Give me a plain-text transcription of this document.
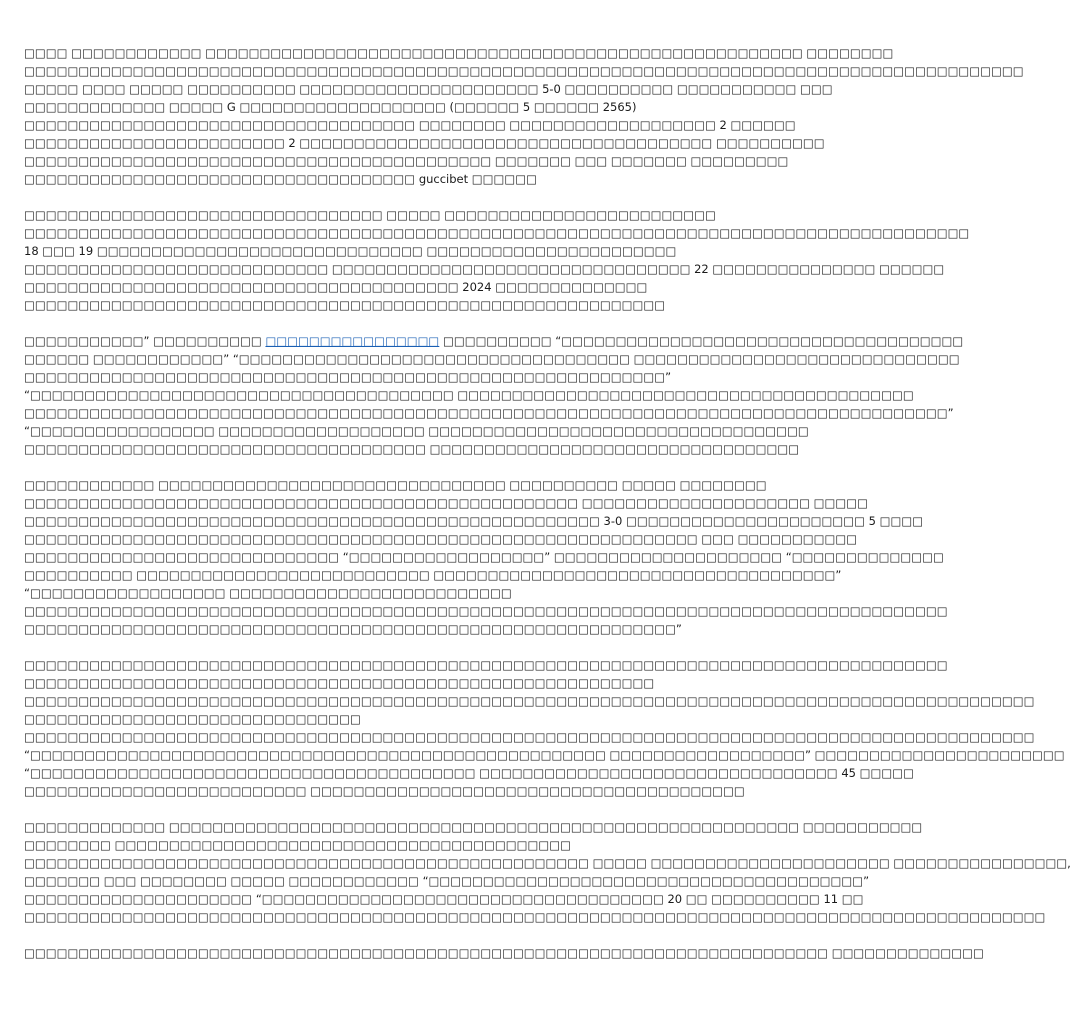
□□□□ □□□□□□□□□□□□ □□□□□□□□□□□□□□□□□□□□□□□□□□□□□□□□□□□□□□□□□□□□□□□□□□□□□□□ □□□□□□□□
□□□□□□□□□□□□□□□□□□□□□□□□□□□□□□□□□□□□□□□□□□□□□□□□□□□□□□□□□□□□□□□□□□□□□□□□□□□□□□□□□□□□□□□□□□□□
□□□□□ □□□□ □□□□□ □□□□□□□□□□ □□□□□□□□□□□□□□□□□□□□□□ 5-0 □□□□□□□□□□ □□□□□□□□□□□ □□□
□□□□□□□□□□□□□ □□□□□ G □□□□□□□□□□□□□□□□□□□ (□□□□□□ 5 □□□□□□ 2565)
□□□□□□□□□□□□□□□□□□□□□□□□□□□□□□□□□□□□ □□□□□□□□ □□□□□□□□□□□□□□□□□□□ 2 □□□□□□
□□□□□□□□□□□□□□□□□□□□□□□□ 2 □□□□□□□□□□□□□□□□□□□□□□□□□□□□□□□□□□□□□□ □□□□□□□□□□
□□□□□□□□□□□□□□□□□□□□□□□□□□□□□□□□□□□□□□□□□□□ □□□□□□□ □□□ □□□□□□□ □□□□□□□□□
□□□□□□□□□□□□□□□□□□□□□□□□□□□□□□□□□□□□ guccibet □□□□□□
□□□□□□□□□□□□□□□□□□□□□□□□□□□□□□□□□ □□□□□ □□□□□□□□□□□□□□□□□□□□□□□□□
□□□□□□□□□□□□□□□□□□□□□□□□□□□□□□□□□□□□□□□□□□□□□□□□□□□□□□□□□□□□□□□□□□□□□□□□□□□□□□□□□□□□□□□
18 □□□ 19 □□□□□□□□□□□□□□□□□□□□□□□□□□□□□□ □□□□□□□□□□□□□□□□□□□□□□□
□□□□□□□□□□□□□□□□□□□□□□□□□□□□ □□□□□□□□□□□□□□□□□□□□□□□□□□□□□□□□□ 22 □□□□□□□□□□□□□□□ □□□□□□
□□□□□□□□□□□□□□□□□□□□□□□□□□□□□□□□□□□□□□□□ 2024 □□□□□□□□□□□□□□
□□□□□□□□□□□□□□□□□□□□□□□□□□□□□□□□□□□□□□□□□□□□□□□□□□□□□□□□□□□
□□□□□□□□□□□” □□□□□□□□□□ □□□□□□□□□□□□□□□□ □□□□□□□□□□ “□□□□□□□□□□□□□□□□□□□□□□□□□□□□□□□□□□□□□
□□□□□□ □□□□□□□□□□□□” “□□□□□□□□□□□□□□□□□□□□□□□□□□□□□□□□□□□□ □□□□□□□□□□□□□□□□□□□□□□□□□□□□□□
□□□□□□□□□□□□□□□□□□□□□□□□□□□□□□□□□□□□□□□□□□□□□□□□□□□□□□□□□□□”
“□□□□□□□□□□□□□□□□□□□□□□□□□□□□□□□□□□□□□□□ □□□□□□□□□□□□□□□□□□□□□□□□□□□□□□□□□□□□□□□□□□
□□□□□□□□□□□□□□□□□□□□□□□□□□□□□□□□□□□□□□□□□□□□□□□□□□□□□□□□□□□□□□□□□□□□□□□□□□□□□□□□□□□□□”
“□□□□□□□□□□□□□□□□□ □□□□□□□□□□□□□□□□□□□ □□□□□□□□□□□□□□□□□□□□□□□□□□□□□□□□□□□
□□□□□□□□□□□□□□□□□□□□□□□□□□□□□□□□□□□□□ □□□□□□□□□□□□□□□□□□□□□□□□□□□□□□□□□□
□□□□□□□□□□□□ □□□□□□□□□□□□□□□□□□□□□□□□□□□□□□□□ □□□□□□□□□□ □□□□□ □□□□□□□□
□□□□□□□□□□□□□□□□□□□□□□□□□□□□□□□□□□□□□□□□□□□□□□□□□□□ □□□□□□□□□□□□□□□□□□□□□ □□□□□
□□□□□□□□□□□□□□□□□□□□□□□□□□□□□□□□□□□□□□□□□□□□□□□□□□□□□ 3-0 □□□□□□□□□□□□□□□□□□□□□□ 5 □□□□
□□□□□□□□□□□□□□□□□□□□□□□□□□□□□□□□□□□□□□□□□□□□□□□□□□□□□□□□□□□□□□ □□□ □□□□□□□□□□□
□□□□□□□□□□□□□□□□□□□□□□□□□□□□□ “□□□□□□□□□□□□□□□□□□” □□□□□□□□□□□□□□□□□□□□□ “□□□□□□□□□□□□□□
□□□□□□□□□□ □□□□□□□□□□□□□□□□□□□□□□□□□□□ □□□□□□□□□□□□□□□□□□□□□□□□□□□□□□□□□□□□□”
“□□□□□□□□□□□□□□□□□□ □□□□□□□□□□□□□□□□□□□□□□□□□□
□□□□□□□□□□□□□□□□□□□□□□□□□□□□□□□□□□□□□□□□□□□□□□□□□□□□□□□□□□□□□□□□□□□□□□□□□□□□□□□□□□□□□
□□□□□□□□□□□□□□□□□□□□□□□□□□□□□□□□□□□□□□□□□□□□□□□□□□□□□□□□□□□□”
□□□□□□□□□□□□□□□□□□□□□□□□□□□□□□□□□□□□□□□□□□□□□□□□□□□□□□□□□□□□□□□□□□□□□□□□□□□□□□□□□□□□□
□□□□□□□□□□□□□□□□□□□□□□□□□□□□□□□□□□□□□□□□□□□□□□□□□□□□□□□□□□
□□□□□□□□□□□□□□□□□□□□□□□□□□□□□□□□□□□□□□□□□□□□□□□□□□□□□□□□□□□□□□□□□□□□□□□□□□□□□□□□□□□□□□□□□□□□□
□□□□□□□□□□□□□□□□□□□□□□□□□□□□□□□
□□□□□□□□□□□□□□□□□□□□□□□□□□□□□□□□□□□□□□□□□□□□□□□□□□□□□□□□□□□□□□□□□□□□□□□□□□□□□□□□□□□□□□□□□□□□□
“□□□□□□□□□□□□□□□□□□□□□□□□□□□□□□□□□□□□□□□□□□□□□□□□□□□□□ □□□□□□□□□□□□□□□□□□” □□□□□□□□□□□□□□□□□□□□□□□
“□□□□□□□□□□□□□□□□□□□□□□□□□□□□□□□□□□□□□□□□□ □□□□□□□□□□□□□□□□□□□□□□□□□□□□□□□□□ 45 □□□□□
□□□□□□□□□□□□□□□□□□□□□□□□□□ □□□□□□□□□□□□□□□□□□□□□□□□□□□□□□□□□□□□□□□□
□□□□□□□□□□□□□ □□□□□□□□□□□□□□□□□□□□□□□□□□□□□□□□□□□□□□□□□□□□□□□□□□□□□□□□□□ □□□□□□□□□□□
□□□□□□□□ □□□□□□□□□□□□□□□□□□□□□□□□□□□□□□□□□□□□□□□□□□
□□□□□□□□□□□□□□□□□□□□□□□□□□□□□□□□□□□□□□□□□□□□□□□□□□□□ □□□□□ □□□□□□□□□□□□□□□□□□□□□□ □□□□□□□□□□□□□□□□,
□□□□□□□ □□□ □□□□□□□□ □□□□□ □□□□□□□□□□□□ “□□□□□□□□□□□□□□□□□□□□□□□□□□□□□□□□□□□□□□□□”
□□□□□□□□□□□□□□□□□□□□□ “□□□□□□□□□□□□□□□□□□□□□□□□□□□□□□□□□□□□□ 20 □□ □□□□□□□□□□ 11 □□
□□□□□□□□□□□□□□□□□□□□□□□□□□□□□□□□□□□□□□□□□□□□□□□□□□□□□□□□□□□□□□□□□□□□□□□□□□□□□□□□□□□□□□□□□□□□□□
□□□□□□□□□□□□□□□□□□□□□□□□□□□□□□□□□□□□□□□□□□□□□□□□□□□□□□□□□□□□□□□□□□□□□□□□□□ □□□□□□□□□□□□□□
